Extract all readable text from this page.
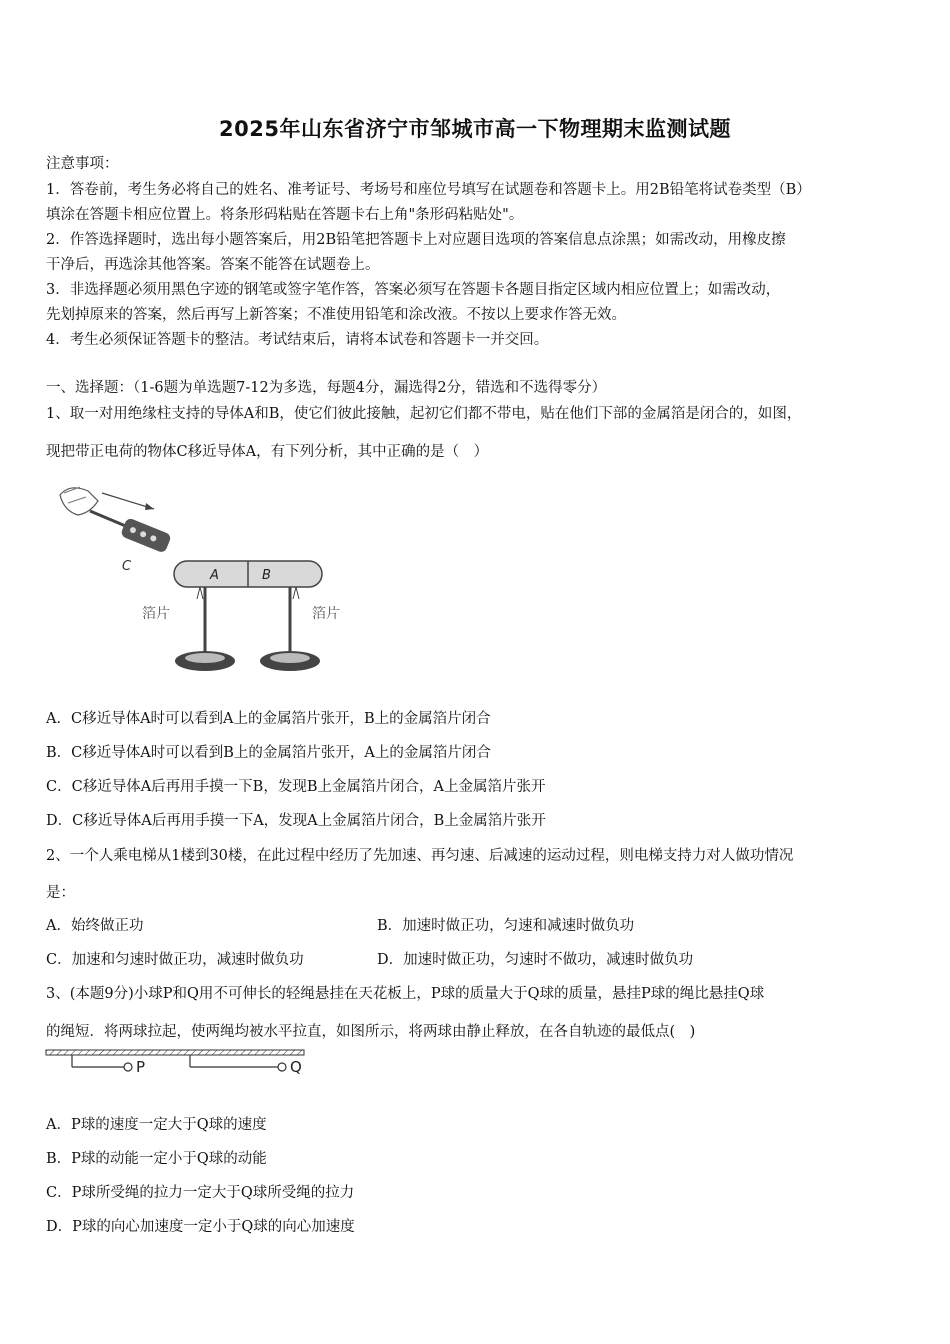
2025年山东省济宁市邹城市高一下物理期末监测试题
注意事项：
1．答卷前，考生务必将自己的姓名、准考证号、考场号和座位号填写在试题卷和答题卡上。用2B铅笔将试卷类型（B）
填涂在答题卡相应位置上。将条形码粘贴在答题卡右上角"条形码粘贴处"。
2．作答选择题时，选出每小题答案后，用2B铅笔把答题卡上对应题目选项的答案信息点涂黑；如需改动，用橡皮擦
干净后，再选涂其他答案。答案不能答在试题卷上。
3．非选择题必须用黑色字迹的钢笔或签字笔作答，答案必须写在答题卡各题目指定区域内相应位置上；如需改动，
先划掉原来的答案，然后再写上新答案；不准使用铅笔和涂改液。不按以上要求作答无效。
4．考生必须保证答题卡的整洁。考试结束后，请将本试卷和答题卡一并交回。
一、选择题：（1-6题为单选题7-12为多选，每题4分，漏选得2分，错选和不选得零分）
1、取一对用绝缘柱支持的导体A和B，使它们彼此接触，起初它们都不带电，贴在他们下部的金属箔是闭合的，如图，
现把带正电荷的物体C移近导体A，有下列分析，其中正确的是（　）
C
A	B
箔片	箔片
A．C移近导体A时可以看到A上的金属箔片张开，B上的金属箔片闭合
B．C移近导体A时可以看到B上的金属箔片张开，A上的金属箔片闭合
C．C移近导体A后再用手摸一下B，发现B上金属箔片闭合，A上金属箔片张开
D．C移近导体A后再用手摸一下A，发现A上金属箔片闭合，B上金属箔片张开
2、一个人乘电梯从1楼到30楼，在此过程中经历了先加速、再匀速、后减速的运动过程，则电梯支持力对人做功情况
是：
A．始终做正功	B．加速时做正功，匀速和减速时做负功
C．加速和匀速时做正功，减速时做负功	D．加速时做正功，匀速时不做功，减速时做负功
3、(本题9分)小球P和Q用不可伸长的轻绳悬挂在天花板上，P球的质量大于Q球的质量，悬挂P球的绳比悬挂Q球
的绳短．将两球拉起，使两绳均被水平拉直，如图所示，将两球由静止释放，在各自轨迹的最低点(　)
P	Q
A．P球的速度一定大于Q球的速度
B．P球的动能一定小于Q球的动能
C．P球所受绳的拉力一定大于Q球所受绳的拉力
D．P球的向心加速度一定小于Q球的向心加速度
